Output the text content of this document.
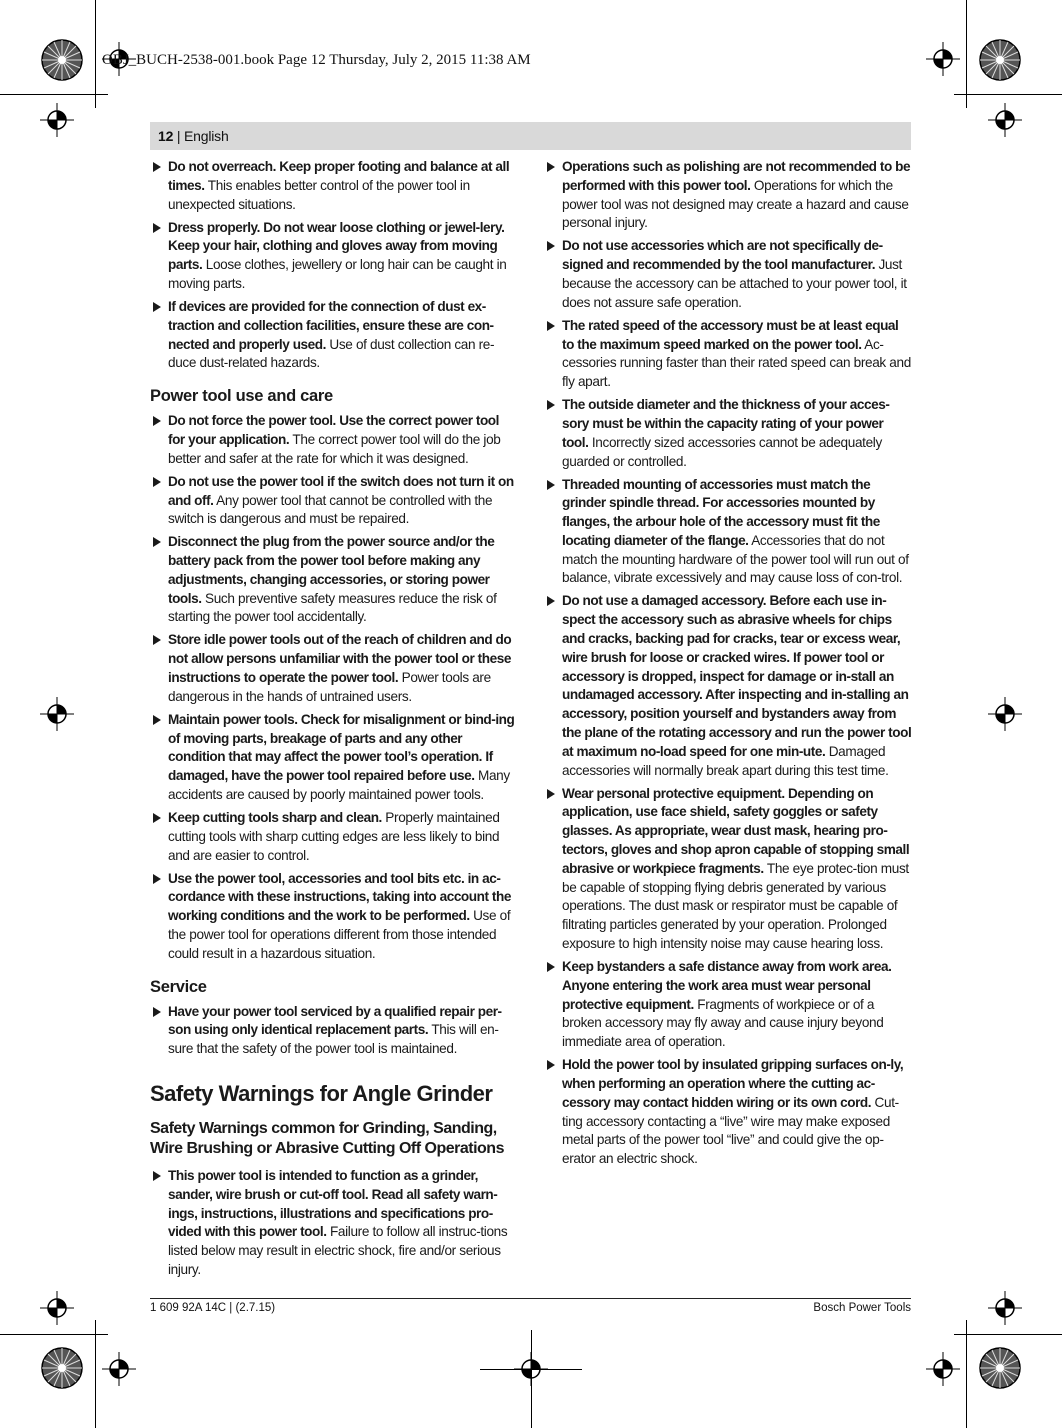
OBJ_BUCH-2538-001.book Page 12 Thursday, July 2, 2015 11:38 AM
12 | English
Do not overreach. Keep proper footing and balance at all times. This enables better control of the power tool in unexpected situations.
Dress properly. Do not wear loose clothing or jewel-lery. Keep your hair, clothing and gloves away from moving parts. Loose clothes, jewellery or long hair can be caught in moving parts.
If devices are provided for the connection of dust ex-traction and collection facilities, ensure these are con-nected and properly used. Use of dust collection can re-duce dust-related hazards.
Power tool use and care
Do not force the power tool. Use the correct power tool for your application. The correct power tool will do the job better and safer at the rate for which it was designed.
Do not use the power tool if the switch does not turn it on and off. Any power tool that cannot be controlled with the switch is dangerous and must be repaired.
Disconnect the plug from the power source and/or the battery pack from the power tool before making any adjustments, changing accessories, or storing power tools. Such preventive safety measures reduce the risk of starting the power tool accidentally.
Store idle power tools out of the reach of children and do not allow persons unfamiliar with the power tool or these instructions to operate the power tool. Power tools are dangerous in the hands of untrained users.
Maintain power tools. Check for misalignment or bind-ing of moving parts, breakage of parts and any other condition that may affect the power tool’s operation. If damaged, have the power tool repaired before use. Many accidents are caused by poorly maintained power tools.
Keep cutting tools sharp and clean. Properly maintained cutting tools with sharp cutting edges are less likely to bind and are easier to control.
Use the power tool, accessories and tool bits etc. in ac-cordance with these instructions, taking into account the working conditions and the work to be performed. Use of the power tool for operations different from those intended could result in a hazardous situation.
Service
Have your power tool serviced by a qualified repair per-son using only identical replacement parts. This will en-sure that the safety of the power tool is maintained.
Safety Warnings for Angle Grinder
Safety Warnings common for Grinding, Sanding, Wire Brushing or Abrasive Cutting Off Operations
This power tool is intended to function as a grinder, sander, wire brush or cut-off tool. Read all safety warn-ings, instructions, illustrations and specifications pro-vided with this power tool. Failure to follow all instruc-tions listed below may result in electric shock, fire and/or serious injury.
Operations such as polishing are not recommended to be performed with this power tool. Operations for which the power tool was not designed may create a hazard and cause personal injury.
Do not use accessories which are not specifically de-signed and recommended by the tool manufacturer. Just because the accessory can be attached to your power tool, it does not assure safe operation.
The rated speed of the accessory must be at least equal to the maximum speed marked on the power tool. Ac-cessories running faster than their rated speed can break and fly apart.
The outside diameter and the thickness of your acces-sory must be within the capacity rating of your power tool. Incorrectly sized accessories cannot be adequately guarded or controlled.
Threaded mounting of accessories must match the grinder spindle thread. For accessories mounted by flanges, the arbour hole of the accessory must fit the locating diameter of the flange. Accessories that do not match the mounting hardware of the power tool will run out of balance, vibrate excessively and may cause loss of con-trol.
Do not use a damaged accessory. Before each use in-spect the accessory such as abrasive wheels for chips and cracks, backing pad for cracks, tear or excess wear, wire brush for loose or cracked wires. If power tool or accessory is dropped, inspect for damage or in-stall an undamaged accessory. After inspecting and in-stalling an accessory, position yourself and bystanders away from the plane of the rotating accessory and run the power tool at maximum no-load speed for one min-ute. Damaged accessories will normally break apart during this test time.
Wear personal protective equipment. Depending on application, use face shield, safety goggles or safety glasses. As appropriate, wear dust mask, hearing pro-tectors, gloves and shop apron capable of stopping small abrasive or workpiece fragments. The eye protec-tion must be capable of stopping flying debris generated by various operations. The dust mask or respirator must be capable of filtrating particles generated by your operation. Prolonged exposure to high intensity noise may cause hearing loss.
Keep bystanders a safe distance away from work area. Anyone entering the work area must wear personal protective equipment. Fragments of workpiece or of a broken accessory may fly away and cause injury beyond immediate area of operation.
Hold the power tool by insulated gripping surfaces on-ly, when performing an operation where the cutting ac-cessory may contact hidden wiring or its own cord. Cut-ting accessory contacting a “live” wire may make exposed metal parts of the power tool “live” and could give the op-erator an electric shock.
1 609 92A 14C | (2.7.15)	Bosch Power Tools
